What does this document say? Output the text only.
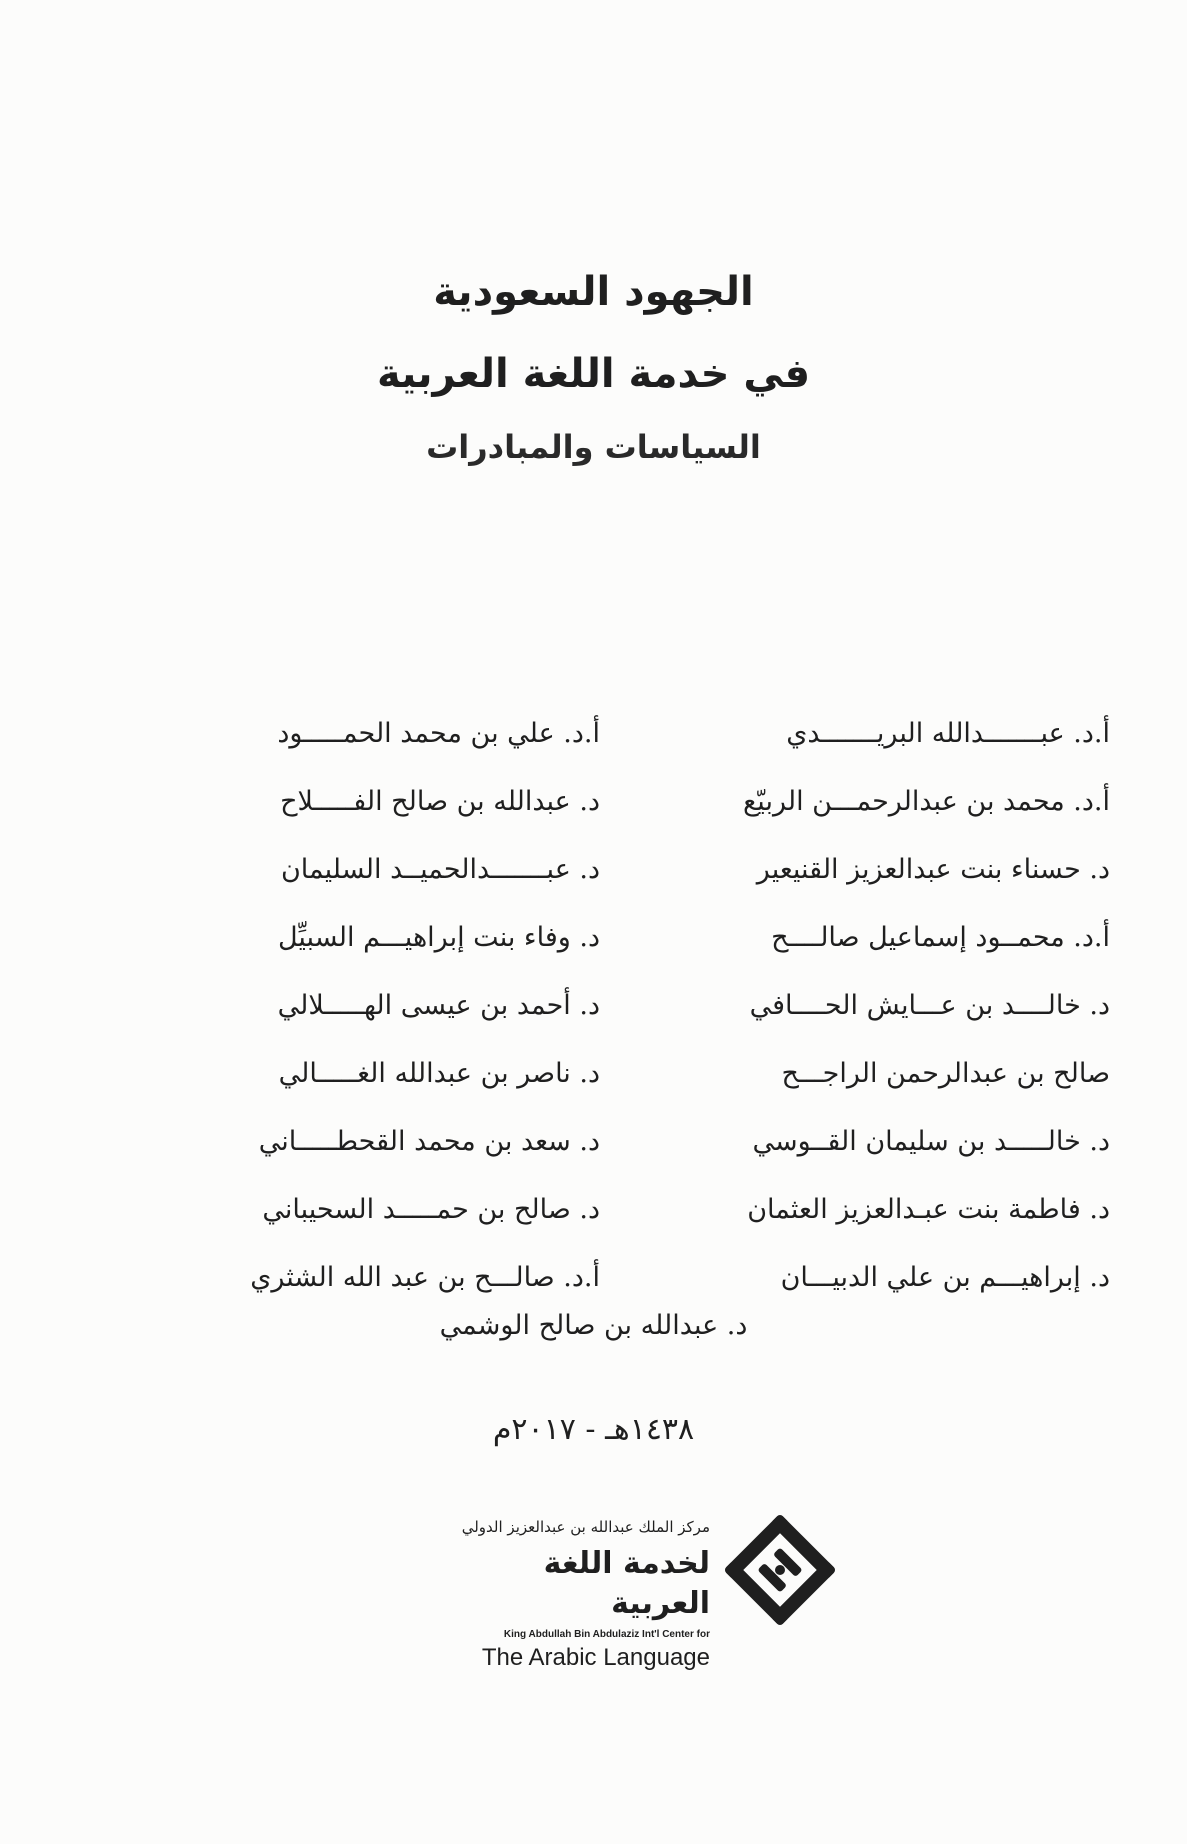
الجهود السعودية

في خدمة اللغة العربية

السياسات والمبادرات

أ.د. عبـــــــدالله البريـــــــدي
أ.د. محمد بن عبدالرحمـــن الربيّع
د. حسناء بنت عبدالعزيز القنيعير
أ.د. محمــود إسماعيل صالــــح
د. خالــــد بن عـــايش الحــــافي
صالح بن عبدالرحمن الراجـــح
د. خالـــــد بن سليمان القــوسي
د. فاطمة بنت عبـدالعزيز العثمان
د. إبراهيـــم بن علي الدبيـــان
أ.د. علي بن محمد الحمـــــود
د. عبدالله بن صالح الفـــــلاح
د. عبـــــــدالحميــد السليمان
د. وفاء بنت إبراهيـــم السبيِّل
د. أحمد بن عيسى الهـــــلالي
د. ناصر بن عبدالله الغـــــالي
د. سعد بن محمد القحطـــــاني
د. صالح بن حمـــــد السحيباني
أ.د. صالـــح بن عبد الله الشثري
د. عبدالله بن صالح الوشمي
١٤٣٨هـ - ٢٠١٧م

مركز الملك عبدالله بن عبدالعزيز الدولي

لخدمة اللغة العربية

King Abdullah Bin Abdulaziz Int'l Center for

The Arabic Language
